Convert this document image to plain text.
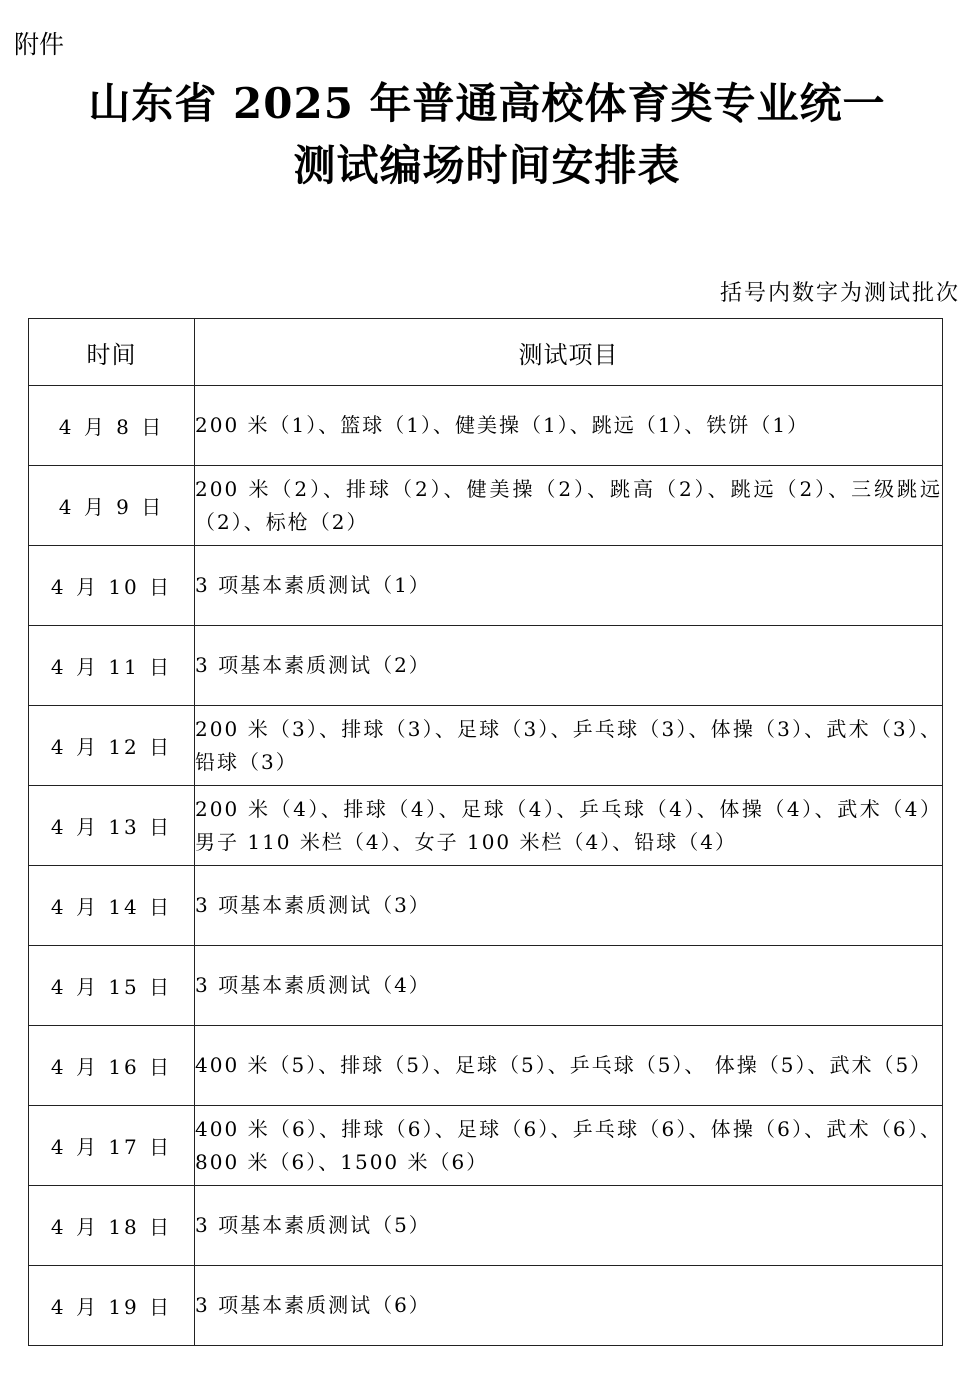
附件
山东省 2025 年普通高校体育类专业统一
测试编场时间安排表
括号内数字为测试批次
时间	测试项目
4 月 8 日	200 米（1）、篮球（1）、健美操（1）、跳远（1）、铁饼（1）
4 月 9 日	200 米（2）、排球（2）、健美操（2）、跳高（2）、跳远（2）、三级跳远（2）、标枪（2）
4 月 10 日	3 项基本素质测试（1）
4 月 11 日	3 项基本素质测试（2）
4 月 12 日	200 米（3）、排球（3）、足球（3）、乒乓球（3）、体操（3）、武术（3）、铅球（3）
4 月 13 日	200 米（4）、排球（4）、足球（4）、乒乓球（4）、体操（4）、武术（4）男子 110 米栏（4）、女子 100 米栏（4）、铅球（4）
4 月 14 日	3 项基本素质测试（3）
4 月 15 日	3 项基本素质测试（4）
4 月 16 日	400 米（5）、排球（5）、足球（5）、乒乓球（5）、 体操（5）、武术（5）
4 月 17 日	400 米（6）、排球（6）、足球（6）、乒乓球（6）、体操（6）、武术（6）、800 米（6）、1500 米（6）
4 月 18 日	3 项基本素质测试（5）
4 月 19 日	3 项基本素质测试（6）
